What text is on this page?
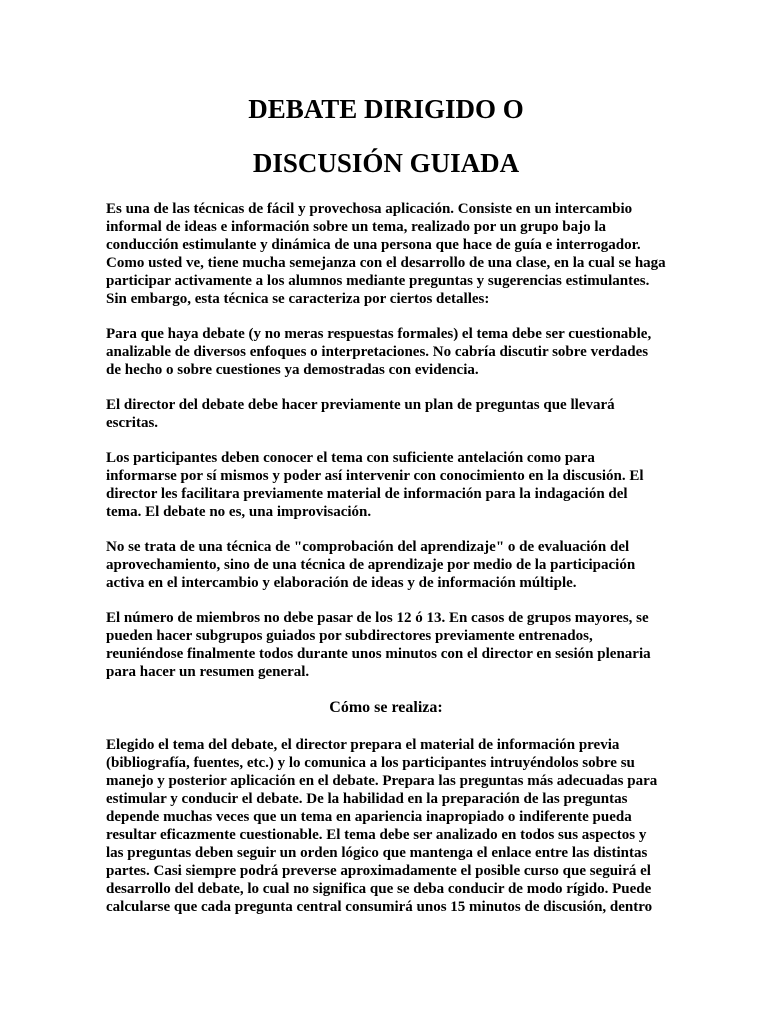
DEBATE DIRIGIDO O
DISCUSIÓN GUIADA

Es una de las técnicas de fácil y provechosa aplicación. Consiste en un intercambio informal de ideas e información sobre un tema, realizado por un grupo bajo la conducción estimulante y dinámica de una persona que hace de guía e interrogador. Como usted ve, tiene mucha semejanza con el desarrollo de una clase, en la cual se haga participar activamente a los alumnos mediante preguntas y sugerencias estimulantes. Sin embargo, esta técnica se caracteriza por ciertos detalles:

Para que haya debate (y no meras respuestas formales) el tema debe ser cuestionable, analizable de diversos enfoques o interpretaciones. No cabría discutir sobre verdades de hecho o sobre cuestiones ya demostradas con evidencia.

El director del debate debe hacer previamente un plan de preguntas que llevará escritas.

Los participantes deben conocer el tema con suficiente antelación como para informarse por sí mismos y poder así intervenir con conocimiento en la discusión. El director les facilitara previamente material de información para la indagación del tema. El debate no es, una improvisación.

No se trata de una técnica de "comprobación del aprendizaje" o de evaluación del aprovechamiento, sino de una técnica de aprendizaje por medio de la participación activa en el intercambio y elaboración de ideas y de información múltiple.

El número de miembros no debe pasar de los 12 ó 13. En casos de grupos mayores, se pueden hacer subgrupos guiados por subdirectores previamente entrenados, reuniéndose finalmente todos durante unos minutos con el director en sesión plenaria para hacer un resumen general.

Cómo se realiza:

Elegido el tema del debate, el director prepara el material de información previa (bibliografía, fuentes, etc.) y lo comunica a los participantes intruyéndolos sobre su manejo y posterior aplicación en el debate. Prepara las preguntas más adecuadas para estimular y conducir el debate. De la habilidad en la preparación de las preguntas depende muchas veces que un tema en apariencia inapropiado o indiferente pueda resultar eficazmente cuestionable. El tema debe ser analizado en todos sus aspectos y las preguntas deben seguir un orden lógico que mantenga el enlace entre las distintas partes. Casi siempre podrá preverse aproximadamente el posible curso que seguirá el desarrollo del debate, lo cual no significa que se deba conducir de modo rígido. Puede calcularse que cada pregunta central consumirá unos 15 minutos de discusión, dentro
